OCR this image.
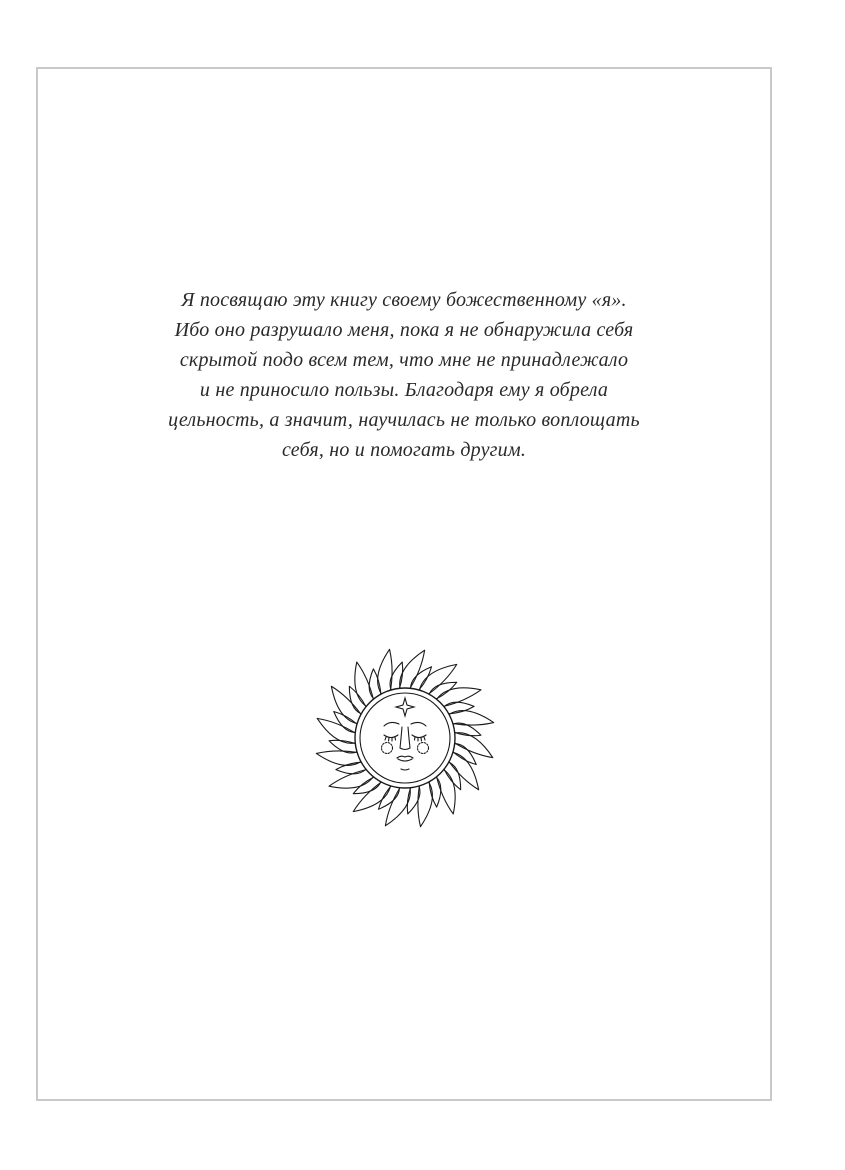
Я посвящаю эту книгу своему божественному «я».
Ибо оно разрушало меня, пока я не обнаружила себя
скрытой подо всем тем, что мне не принадлежало
и не приносило пользы. Благодаря ему я обрела
цельность, а значит, научилась не только воплощать
себя, но и помогать другим.
